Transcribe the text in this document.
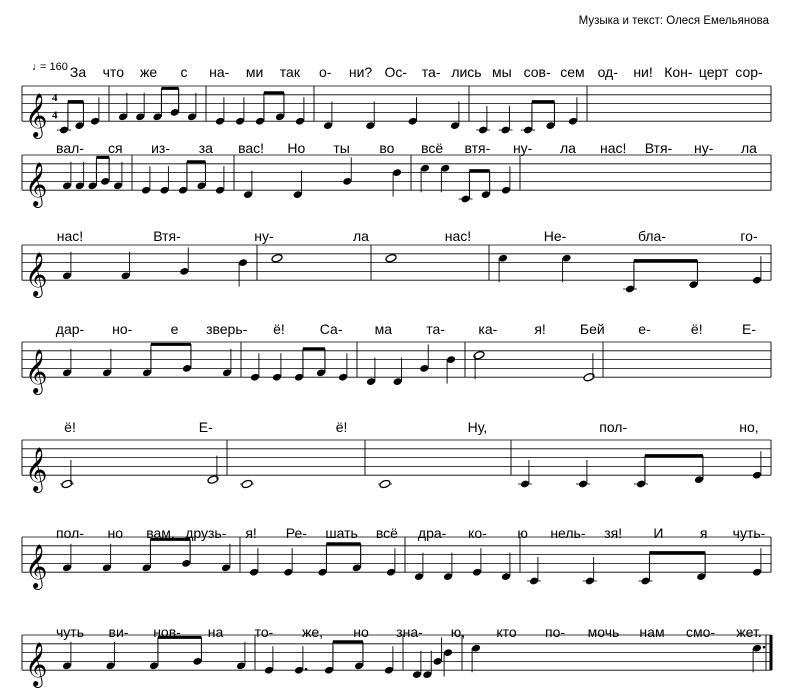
Музыка и текст: Олеся Емельянова
♩
= 160
𝄞 4
4
За что же с на- ми так о- ни? Ос- та- лись мы сов- сем од- ни! Кон- церт сор-
𝄞
вал- ся из- за вас! Но ты во всё втя- ну- ла нас! Втя- ну- ла
𝄞
нас!	Втя-	ну-	ла	нас!	Не-	бла-	го-
𝄞
дар- но-	е зверь- ё!	Са- ма та- ка-	я! Бей е-	ё!	Е-
𝄞
ё!	Е-	ё!	Ну,	пол-	но,
𝄞
пол- но вам, друзь- я! Ре- шать всё дра- ко- ю нель- зя! И	я чуть-
𝄞
чуть ви- нов- на то- же, но зна- ю, кто по- мочь нам смо- жет.
